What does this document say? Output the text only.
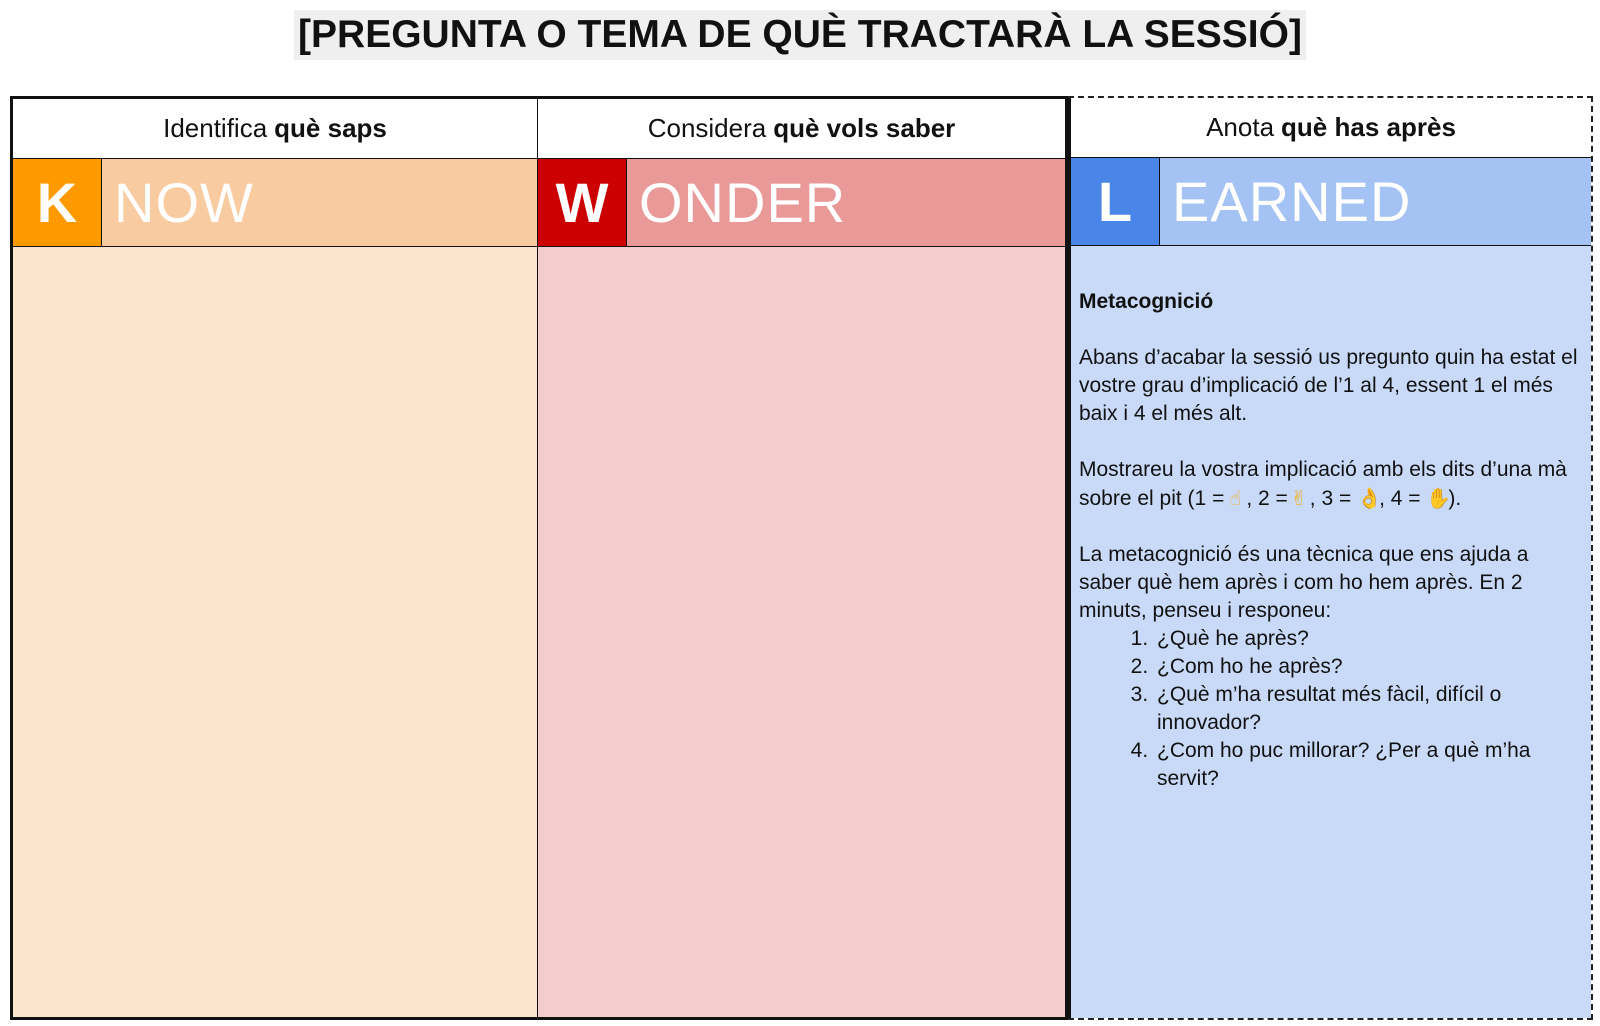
[PREGUNTA O TEMA DE QUÈ TRACTARÀ LA SESSIÓ]
Identifica què saps
K NOW
Considera què vols saber
W ONDER
Anota què has après
L EARNED
Metacognició

Abans d’acabar la sessió us pregunto quin ha estat el vostre grau d’implicació de l’1 al 4, essent 1 el més baix i 4 el més alt.

Mostrareu la vostra implicació amb els dits d’una mà sobre el pit (1 = ☝ , 2 = ✌ , 3 = 👌, 4 = ✋).

La metacognició és una tècnica que ens ajuda a saber què hem après i com ho hem après. En 2 minuts, penseu i responeu:

1. ¿Què he après?
2. ¿Com ho he après?
3. ¿Què m’ha resultat més fàcil, difícil o innovador?
4. ¿Com ho puc millorar? ¿Per a què m’ha servit?
